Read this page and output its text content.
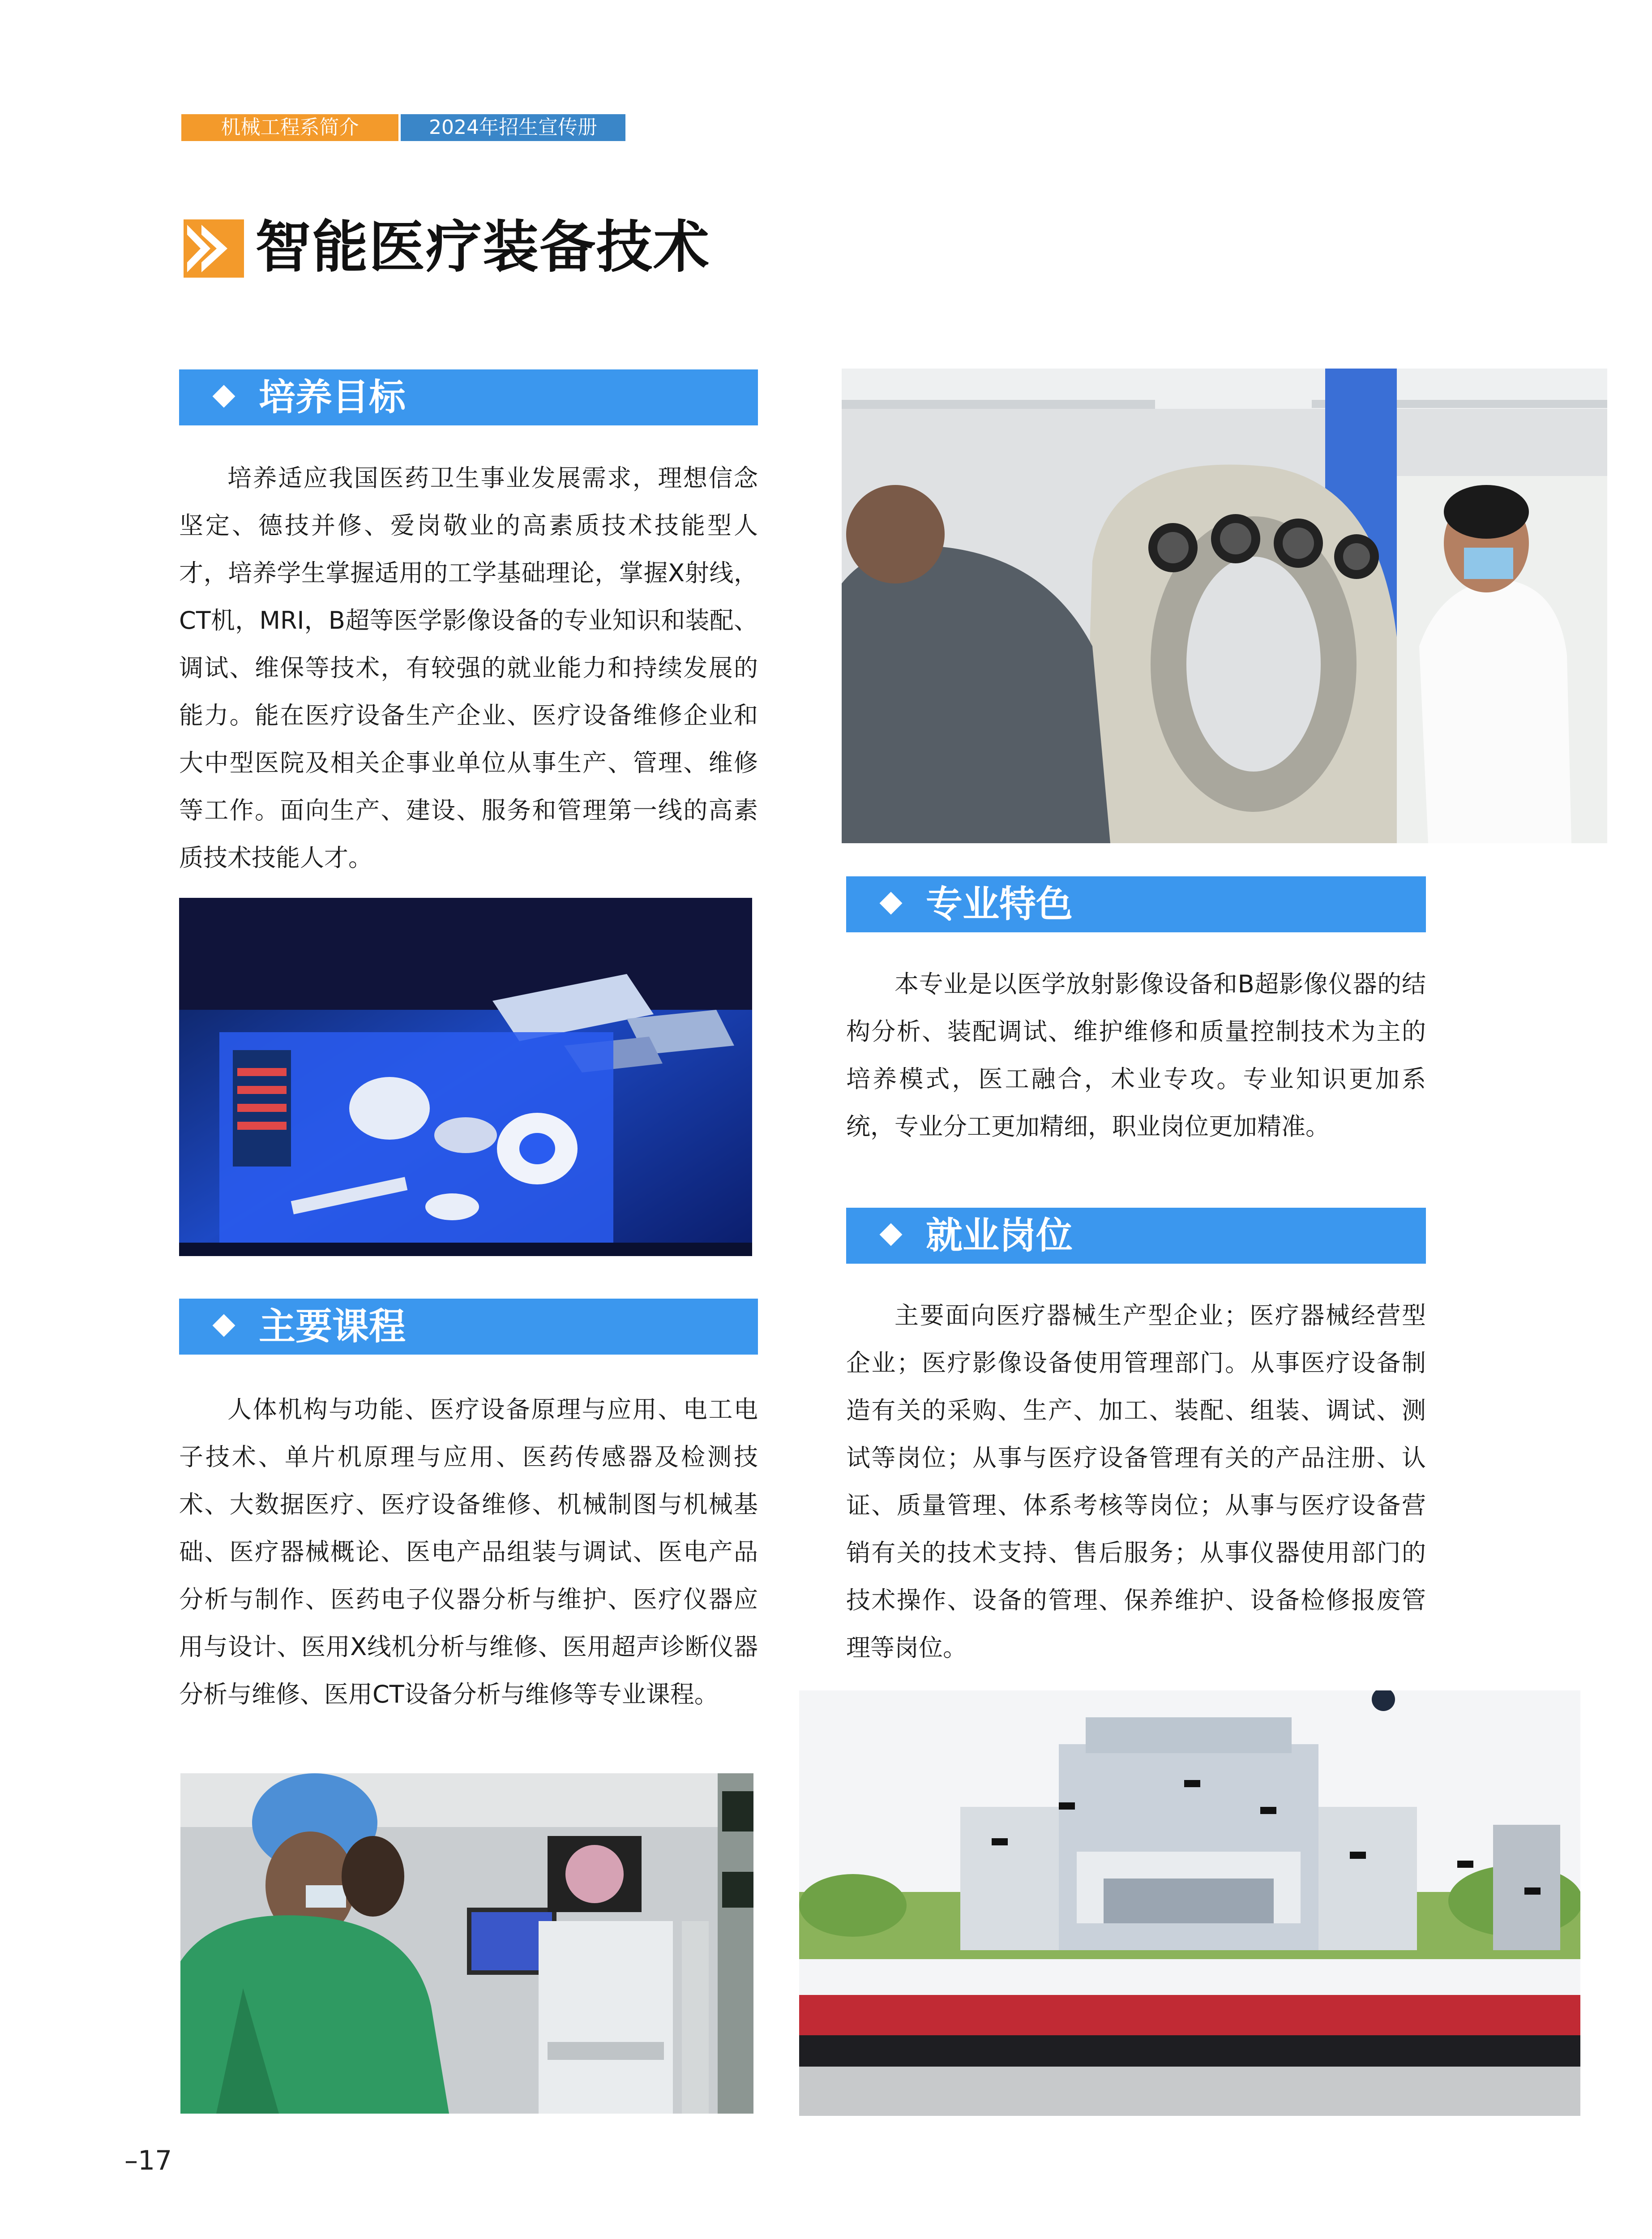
机械工程系简介	2024年招生宣传册
智能医疗装备技术
培养目标

培养适应我国医药卫生事业发展需求，理想信念坚定、德技并修、爱岗敬业的高素质技术技能型人才，培养学生掌握适用的工学基础理论，掌握X射线，CT机，MRI，B超等医学影像设备的专业知识和装配、调试、维保等技术，有较强的就业能力和持续发展的能力。能在医疗设备生产企业、医疗设备维修企业和大中型医院及相关企事业单位从事生产、管理、维修等工作。面向生产、建设、服务和管理第一线的高素质技术技能人才。

主要课程

人体机构与功能、医疗设备原理与应用、电工电子技术、单片机原理与应用、医药传感器及检测技术、大数据医疗、医疗设备维修、机械制图与机械基础、医疗器械概论、医电产品组装与调试、医电产品分析与制作、医药电子仪器分析与维护、医疗仪器应用与设计、医用X线机分析与维修、医用超声诊断仪器分析与维修、医用CT设备分析与维修等专业课程。

专业特色

本专业是以医学放射影像设备和B超影像仪器的结构分析、装配调试、维护维修和质量控制技术为主的培养模式，医工融合，术业专攻。专业知识更加系统，专业分工更加精细，职业岗位更加精准。

就业岗位

主要面向医疗器械生产型企业；医疗器械经营型企业；医疗影像设备使用管理部门。从事医疗设备制造有关的采购、生产、加工、装配、组装、调试、测试等岗位；从事与医疗设备管理有关的产品注册、认证、质量管理、体系考核等岗位；从事与医疗设备营销有关的技术支持、售后服务；从事仪器使用部门的技术操作、设备的管理、保养维护、设备检修报废管理等岗位。

–17
